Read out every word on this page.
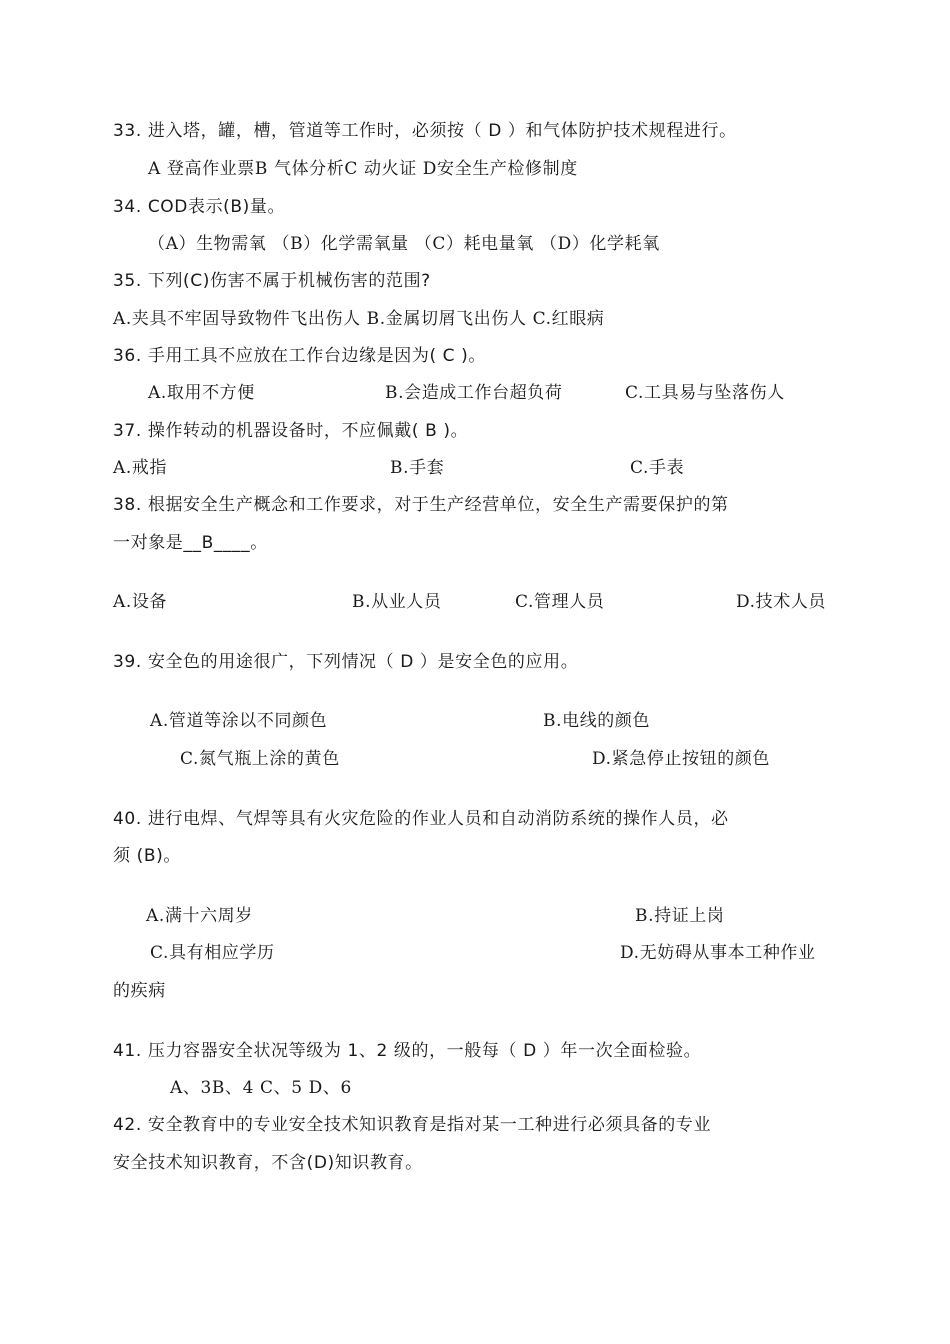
33. 进入塔，罐，槽，管道等工作时，必须按（ D ）和气体防护技术规程进行。
A 登高作业票B 气体分析C 动火证 D安全生产检修制度
34. COD表示(B)量。
（A）生物需氧 （B）化学需氧量 （C）耗电量氧 （D）化学耗氧
35. 下列(C)伤害不属于机械伤害的范围?
A.夹具不牢固导致物件飞出伤人 B.金属切屑飞出伤人 C.红眼病
36. 手用工具不应放在工作台边缘是因为( C )。
A.取用不方便	B.会造成工作台超负荷	C.工具易与坠落伤人
37. 操作转动的机器设备时，不应佩戴( B )。
A.戒指	B.手套	C.手表
38. 根据安全生产概念和工作要求，对于生产经营单位，安全生产需要保护的第
一对象是__B____。
A.设备	B.从业人员	C.管理人员	D.技术人员
39. 安全色的用途很广，下列情况（ D ）是安全色的应用。
A.管道等涂以不同颜色	B.电线的颜色
C.氮气瓶上涂的黄色	D.紧急停止按钮的颜色
40. 进行电焊、气焊等具有火灾危险的作业人员和自动消防系统的操作人员，必
须 (B)。
A.满十六周岁	B.持证上岗
C.具有相应学历	D.无妨碍从事本工种作业
的疾病
41. 压力容器安全状况等级为 1、2 级的，一般每（ D ）年一次全面检验。
A、3B、4 C、5 D、6
42. 安全教育中的专业安全技术知识教育是指对某一工种进行必须具备的专业
安全技术知识教育，不含(D)知识教育。
